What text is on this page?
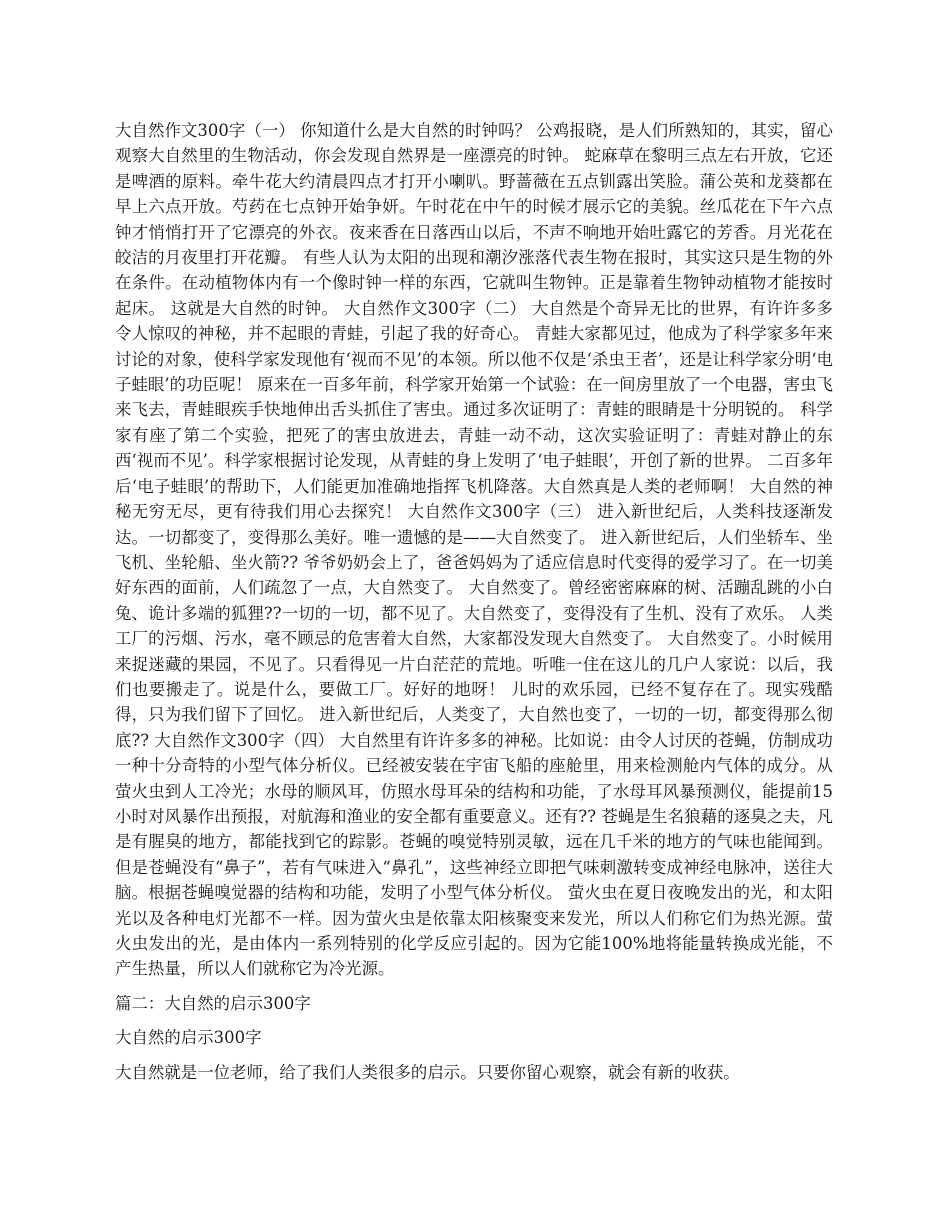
大自然作文300字（一） 你知道什么是大自然的时钟吗？ 公鸡报晓，是人们所熟知的，其实，留心观察大自然里的生物活动，你会发现自然界是一座漂亮的时钟。 蛇麻草在黎明三点左右开放，它还是啤酒的原料。牵牛花大约清晨四点才打开小喇叭。野蔷薇在五点钏露出笑脸。蒲公英和龙葵都在早上六点开放。芍药在七点钟开始争妍。午时花在中午的时候才展示它的美貌。丝瓜花在下午六点钟才悄悄打开了它漂亮的外衣。夜来香在日落西山以后，不声不响地开始吐露它的芳香。月光花在皎洁的月夜里打开花瓣。 有些人认为太阳的出现和潮汐涨落代表生物在报时，其实这只是生物的外在条件。在动植物体内有一个像时钟一样的东西，它就叫生物钟。正是靠着生物钟动植物才能按时起床。 这就是大自然的时钟。 大自然作文300字（二） 大自然是个奇异无比的世界，有许许多多令人惊叹的神秘，并不起眼的青蛙，引起了我的好奇心。 青蛙大家都见过，他成为了科学家多年来讨论的对象，使科学家发现他有‘视而不见’的本领。所以他不仅是‘杀虫王者’，还是让科学家分明‘电子蛙眼’的功臣呢！ 原来在一百多年前，科学家开始第一个试验：在一间房里放了一个电器，害虫飞来飞去，青蛙眼疾手快地伸出舌头抓住了害虫。通过多次证明了：青蛙的眼睛是十分明锐的。 科学家有座了第二个实验，把死了的害虫放进去，青蛙一动不动，这次实验证明了：青蛙对静止的东西‘视而不见’。科学家根据讨论发现，从青蛙的身上发明了‘电子蛙眼’，开创了新的世界。 二百多年后‘电子蛙眼’的帮助下，人们能更加准确地指挥飞机降落。大自然真是人类的老师啊！ 大自然的神秘无穷无尽，更有待我们用心去探究！ 大自然作文300字（三） 进入新世纪后，人类科技逐渐发达。一切都变了，变得那么美好。唯一遗憾的是——大自然变了。 进入新世纪后，人们坐轿车、坐飞机、坐轮船、坐火箭?? 爷爷奶奶会上了，爸爸妈妈为了适应信息时代变得的爱学习了。在一切美好东西的面前，人们疏忽了一点，大自然变了。 大自然变了。曾经密密麻麻的树、活蹦乱跳的小白兔、诡计多端的狐狸??一切的一切，都不见了。大自然变了，变得没有了生机、没有了欢乐。 人类工厂的污烟、污水，毫不顾忌的危害着大自然，大家都没发现大自然变了。 大自然变了。小时候用来捉迷藏的果园，不见了。只看得见一片白茫茫的荒地。听唯一住在这儿的几户人家说：以后，我们也要搬走了。说是什么，要做工厂。好好的地呀！ 儿时的欢乐园，已经不复存在了。现实残酷得，只为我们留下了回忆。 进入新世纪后，人类变了，大自然也变了，一切的一切，都变得那么彻底?? 大自然作文300字（四） 大自然里有许许多多的神秘。比如说：由令人讨厌的苍蝇，仿制成功一种十分奇特的小型气体分析仪。已经被安装在宇宙飞船的座舱里，用来检测舱内气体的成分。从萤火虫到人工冷光；水母的顺风耳，仿照水母耳朵的结构和功能，了水母耳风暴预测仪，能提前15小时对风暴作出预报，对航海和渔业的安全都有重要意义。还有?? 苍蝇是生名狼藉的逐臭之夫，凡是有腥臭的地方，都能找到它的踪影。苍蝇的嗅觉特别灵敏，远在几千米的地方的气味也能闻到。但是苍蝇没有“鼻子”，若有气味进入“鼻孔”，这些神经立即把气味刺激转变成神经电脉冲，送往大脑。根据苍蝇嗅觉器的结构和功能，发明了小型气体分析仪。 萤火虫在夏日夜晚发出的光，和太阳光以及各种电灯光都不一样。因为萤火虫是依靠太阳核聚变来发光，所以人们称它们为热光源。萤火虫发出的光，是由体内一系列特别的化学反应引起的。因为它能100%地将能量转换成光能，不产生热量，所以人们就称它为冷光源。

篇二：大自然的启示300字

大自然的启示300字

大自然就是一位老师，给了我们人类很多的启示。只要你留心观察，就会有新的收获。
